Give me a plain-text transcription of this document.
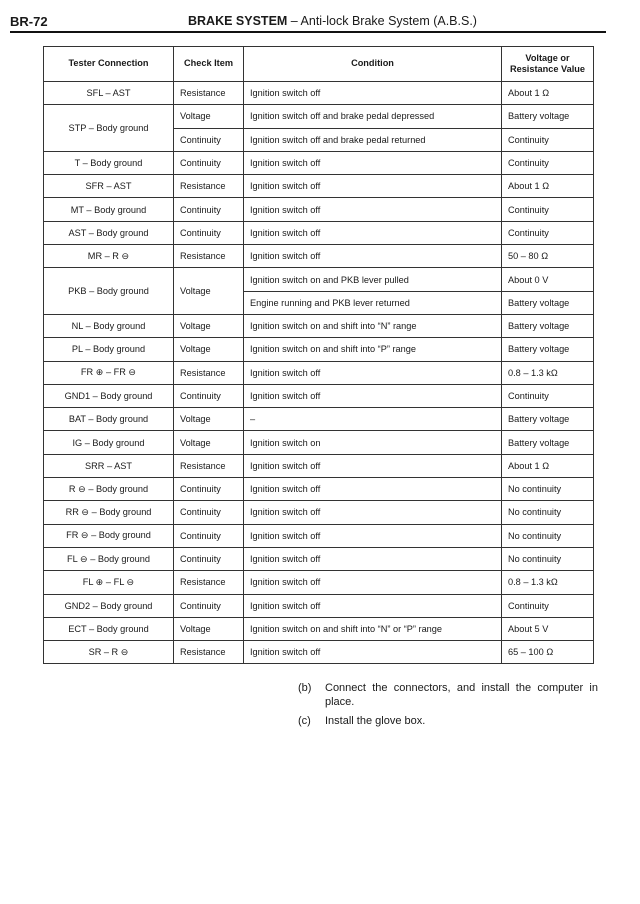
BR-72	BRAKE SYSTEM – Anti-lock Brake System (A.B.S.)
Tester Connection	Check Item	Condition	Voltage or
Resistance Value
SFL – AST	Resistance	Ignition switch off	About 1 Ω
STP – Body ground	Voltage	Ignition switch off and brake pedal depressed	Battery voltage
	Continuity	Ignition switch off and brake pedal returned	Continuity
T – Body ground	Continuity	Ignition switch off	Continuity
SFR – AST	Resistance	Ignition switch off	About 1 Ω
MT – Body ground	Continuity	Ignition switch off	Continuity
AST – Body ground	Continuity	Ignition switch off	Continuity
MR – R ⊖	Resistance	Ignition switch off	50 – 80 Ω
PKB – Body ground	Voltage	Ignition switch on and PKB lever pulled	About 0 V
		Engine running and PKB lever returned	Battery voltage
NL – Body ground	Voltage	Ignition switch on and shift into “N” range	Battery voltage
PL – Body ground	Voltage	Ignition switch on and shift into “P” range	Battery voltage
FR ⊕ – FR ⊖	Resistance	Ignition switch off	0.8 – 1.3 kΩ
GND1 – Body ground	Continuity	Ignition switch off	Continuity
BAT – Body ground	Voltage	–	Battery voltage
IG – Body ground	Voltage	Ignition switch on	Battery voltage
SRR – AST	Resistance	Ignition switch off	About 1 Ω
R ⊖ – Body ground	Continuity	Ignition switch off	No continuity
RR ⊖ – Body ground	Continuity	Ignition switch off	No continuity
FR ⊖ – Body ground	Continuity	Ignition switch off	No continuity
FL ⊖ – Body ground	Continuity	Ignition switch off	No continuity
FL ⊕ – FL ⊖	Resistance	Ignition switch off	0.8 – 1.3 kΩ
GND2 – Body ground	Continuity	Ignition switch off	Continuity
ECT – Body ground	Voltage	Ignition switch on and shift into “N” or “P” range	About 5 V
SR – R ⊖	Resistance	Ignition switch off	65 – 100 Ω
(b) Connect the connectors, and install the computer in place.
(c) Install the glove box.
